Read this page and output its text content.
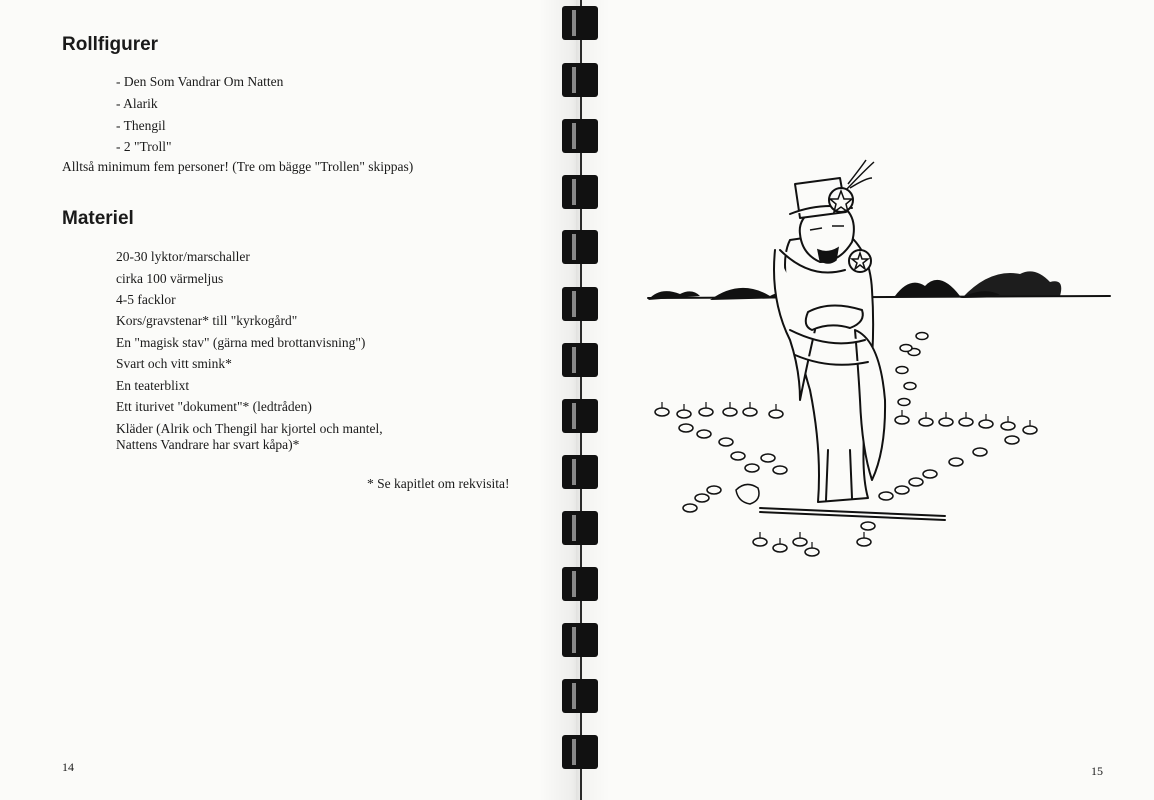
Rollfigurer
- Den Som Vandrar Om Natten
- Alarik
- Thengil
- 2 "Troll"
Alltså minimum fem personer! (Tre om bägge "Trollen" skippas)
Materiel
20-30 lyktor/marschaller
cirka 100 värmeljus
4-5 facklor
Kors/gravstenar* till "kyrkogård"
En "magisk stav" (gärna med brottanvisning")
Svart och vitt smink*
En teaterblixt
Ett iturivet "dokument"* (ledtråden)
Kläder (Alrik och Thengil har kjortel och mantel,
Nattens Vandrare har svart kåpa)*
* Se kapitlet om rekvisita!
14	15
